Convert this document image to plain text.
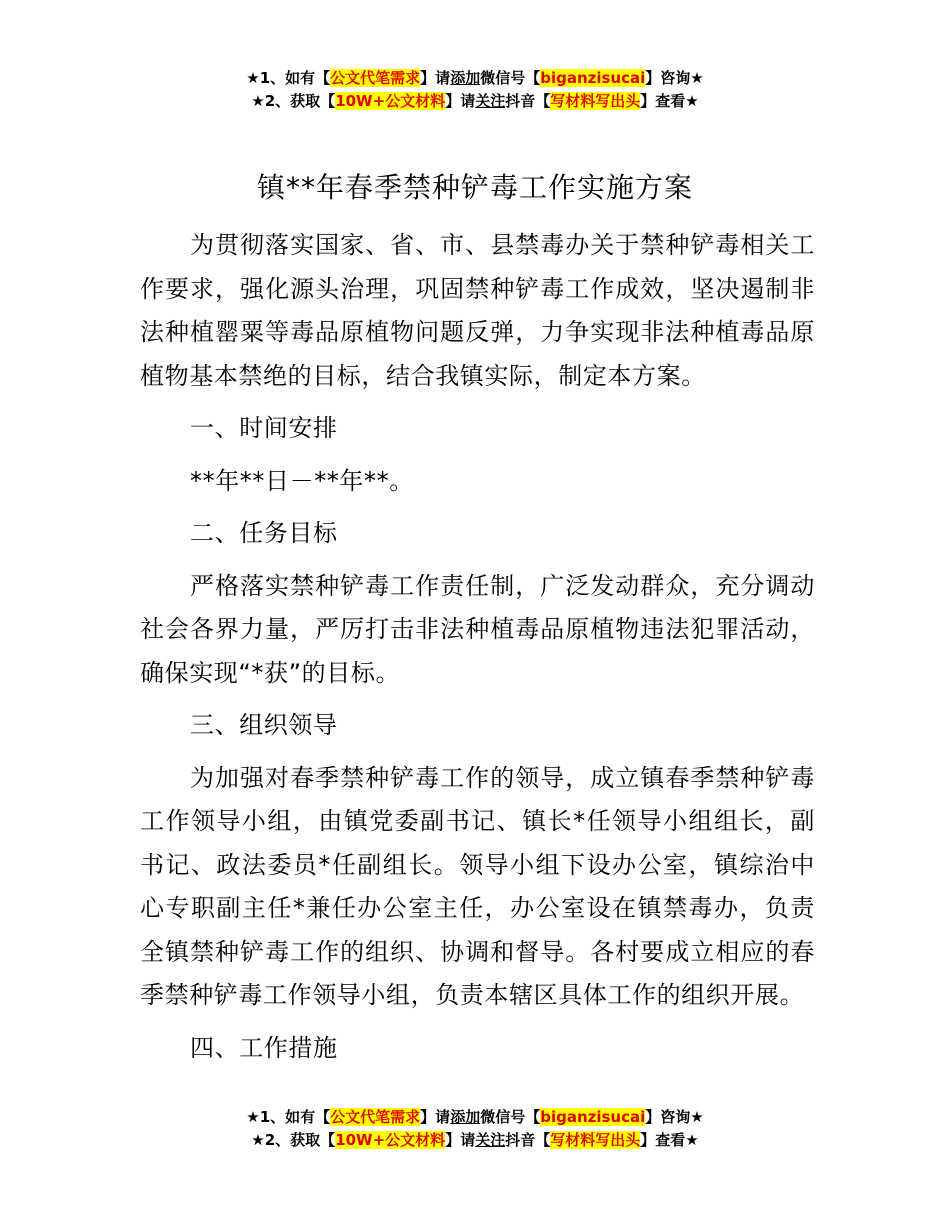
★1、如有【公文代笔需求】请添加微信号【biganzisucai】咨询★
★2、获取【10W+公文材料】请关注抖音【写材料写出头】查看★
镇**年春季禁种铲毒工作实施方案

为贯彻落实国家、省、市、县禁毒办关于禁种铲毒相关工作要求，强化源头治理，巩固禁种铲毒工作成效，坚决遏制非法种植罂粟等毒品原植物问题反弹，力争实现非法种植毒品原植物基本禁绝的目标，结合我镇实际，制定本方案。

一、时间安排

**年**日－**年**。

二、任务目标

严格落实禁种铲毒工作责任制，广泛发动群众，充分调动社会各界力量，严厉打击非法种植毒品原植物违法犯罪活动，确保实现“*获”的目标。

三、组织领导

为加强对春季禁种铲毒工作的领导，成立镇春季禁种铲毒工作领导小组，由镇党委副书记、镇长*任领导小组组长，副书记、政法委员*任副组长。领导小组下设办公室，镇综治中心专职副主任*兼任办公室主任，办公室设在镇禁毒办，负责全镇禁种铲毒工作的组织、协调和督导。各村要成立相应的春季禁种铲毒工作领导小组，负责本辖区具体工作的组织开展。

四、工作措施

★1、如有【公文代笔需求】请添加微信号【biganzisucai】咨询★
★2、获取【10W+公文材料】请关注抖音【写材料写出头】查看★
